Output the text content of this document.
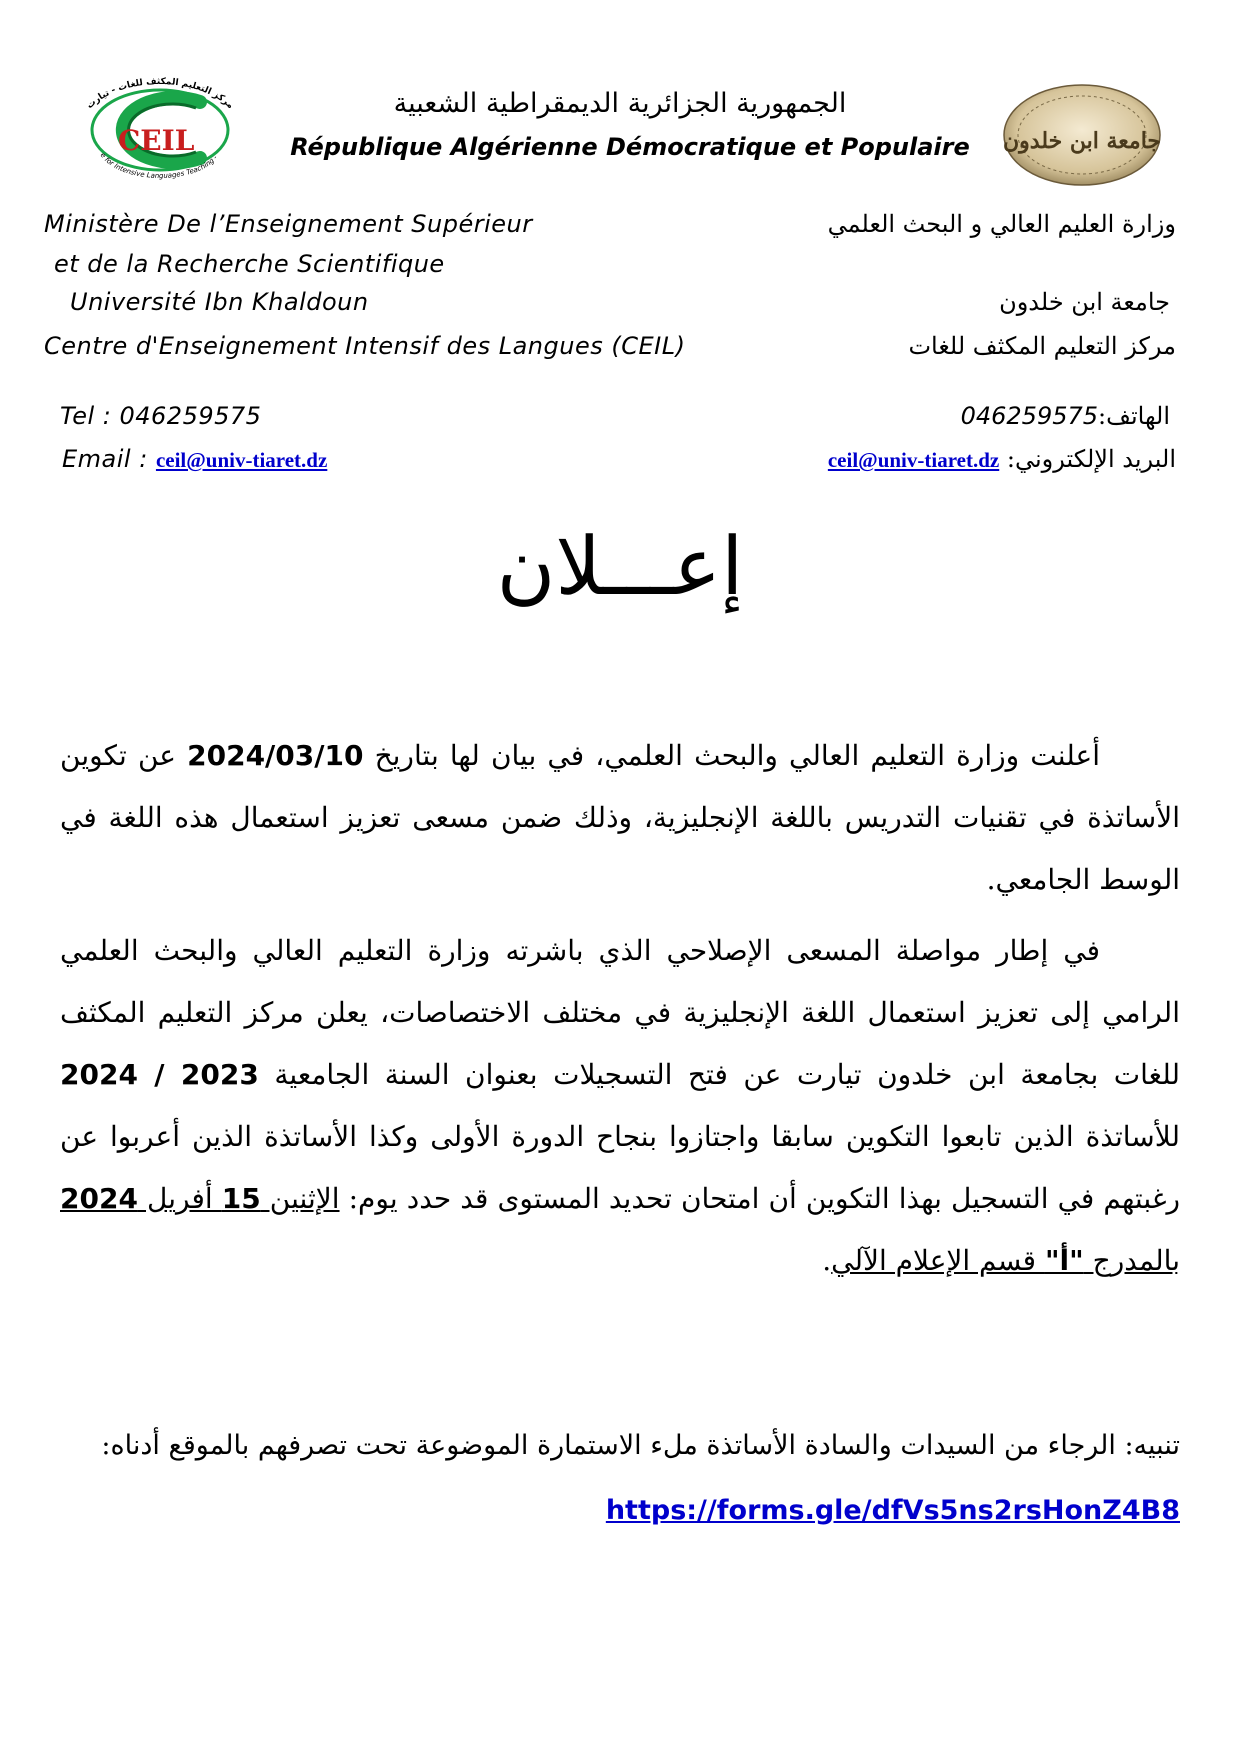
CEIL
مركز التعليم المكثف للغات - تيارت
e for Intensive Languages Teaching -
جامعة ابن خلدون
الجمهورية الجزائرية الديمقراطية الشعبية
République Algérienne Démocratique et Populaire
Ministère De l’Enseignement Supérieur
et de la Recherche Scientifique
Université Ibn Khaldoun
Centre d'Enseignement Intensif des Langues (CEIL)
وزارة العليم العالي و البحث العلمي
جامعة ابن خلدون
مركز التعليم المكثف للغات
Tel : 046259575
Email : ceil@univ-tiaret.dz
الهاتف:046259575
البريد الإلكتروني: ceil@univ-tiaret.dz
إعـــلان
أعلنت وزارة التعليم العالي والبحث العلمي، في بيان لها بتاريخ 2024/03/10 عن تكوين الأساتذة في تقنيات التدريس باللغة الإنجليزية، وذلك ضمن مسعى تعزيز استعمال هذه اللغة في الوسط الجامعي.
في إطار مواصلة المسعى الإصلاحي الذي باشرته وزارة التعليم العالي والبحث العلمي الرامي إلى تعزيز استعمال اللغة الإنجليزية في مختلف الاختصاصات، يعلن مركز التعليم المكثف للغات بجامعة ابن خلدون تيارت عن فتح التسجيلات بعنوان السنة الجامعية 2023 / 2024 للأساتذة الذين تابعوا التكوين سابقا واجتازوا بنجاح الدورة الأولى وكذا الأساتذة الذين أعربوا عن رغبتهم في التسجيل بهذا التكوين أن امتحان تحديد المستوى قد حدد يوم: الإثنين 15 أفريل 2024 بالمدرج "أ" قسم الإعلام الآلي.
تنبيه: الرجاء من السيدات والسادة الأساتذة ملء الاستمارة الموضوعة تحت تصرفهم بالموقع أدناه:
https://forms.gle/dfVs5ns2rsHonZ4B8
